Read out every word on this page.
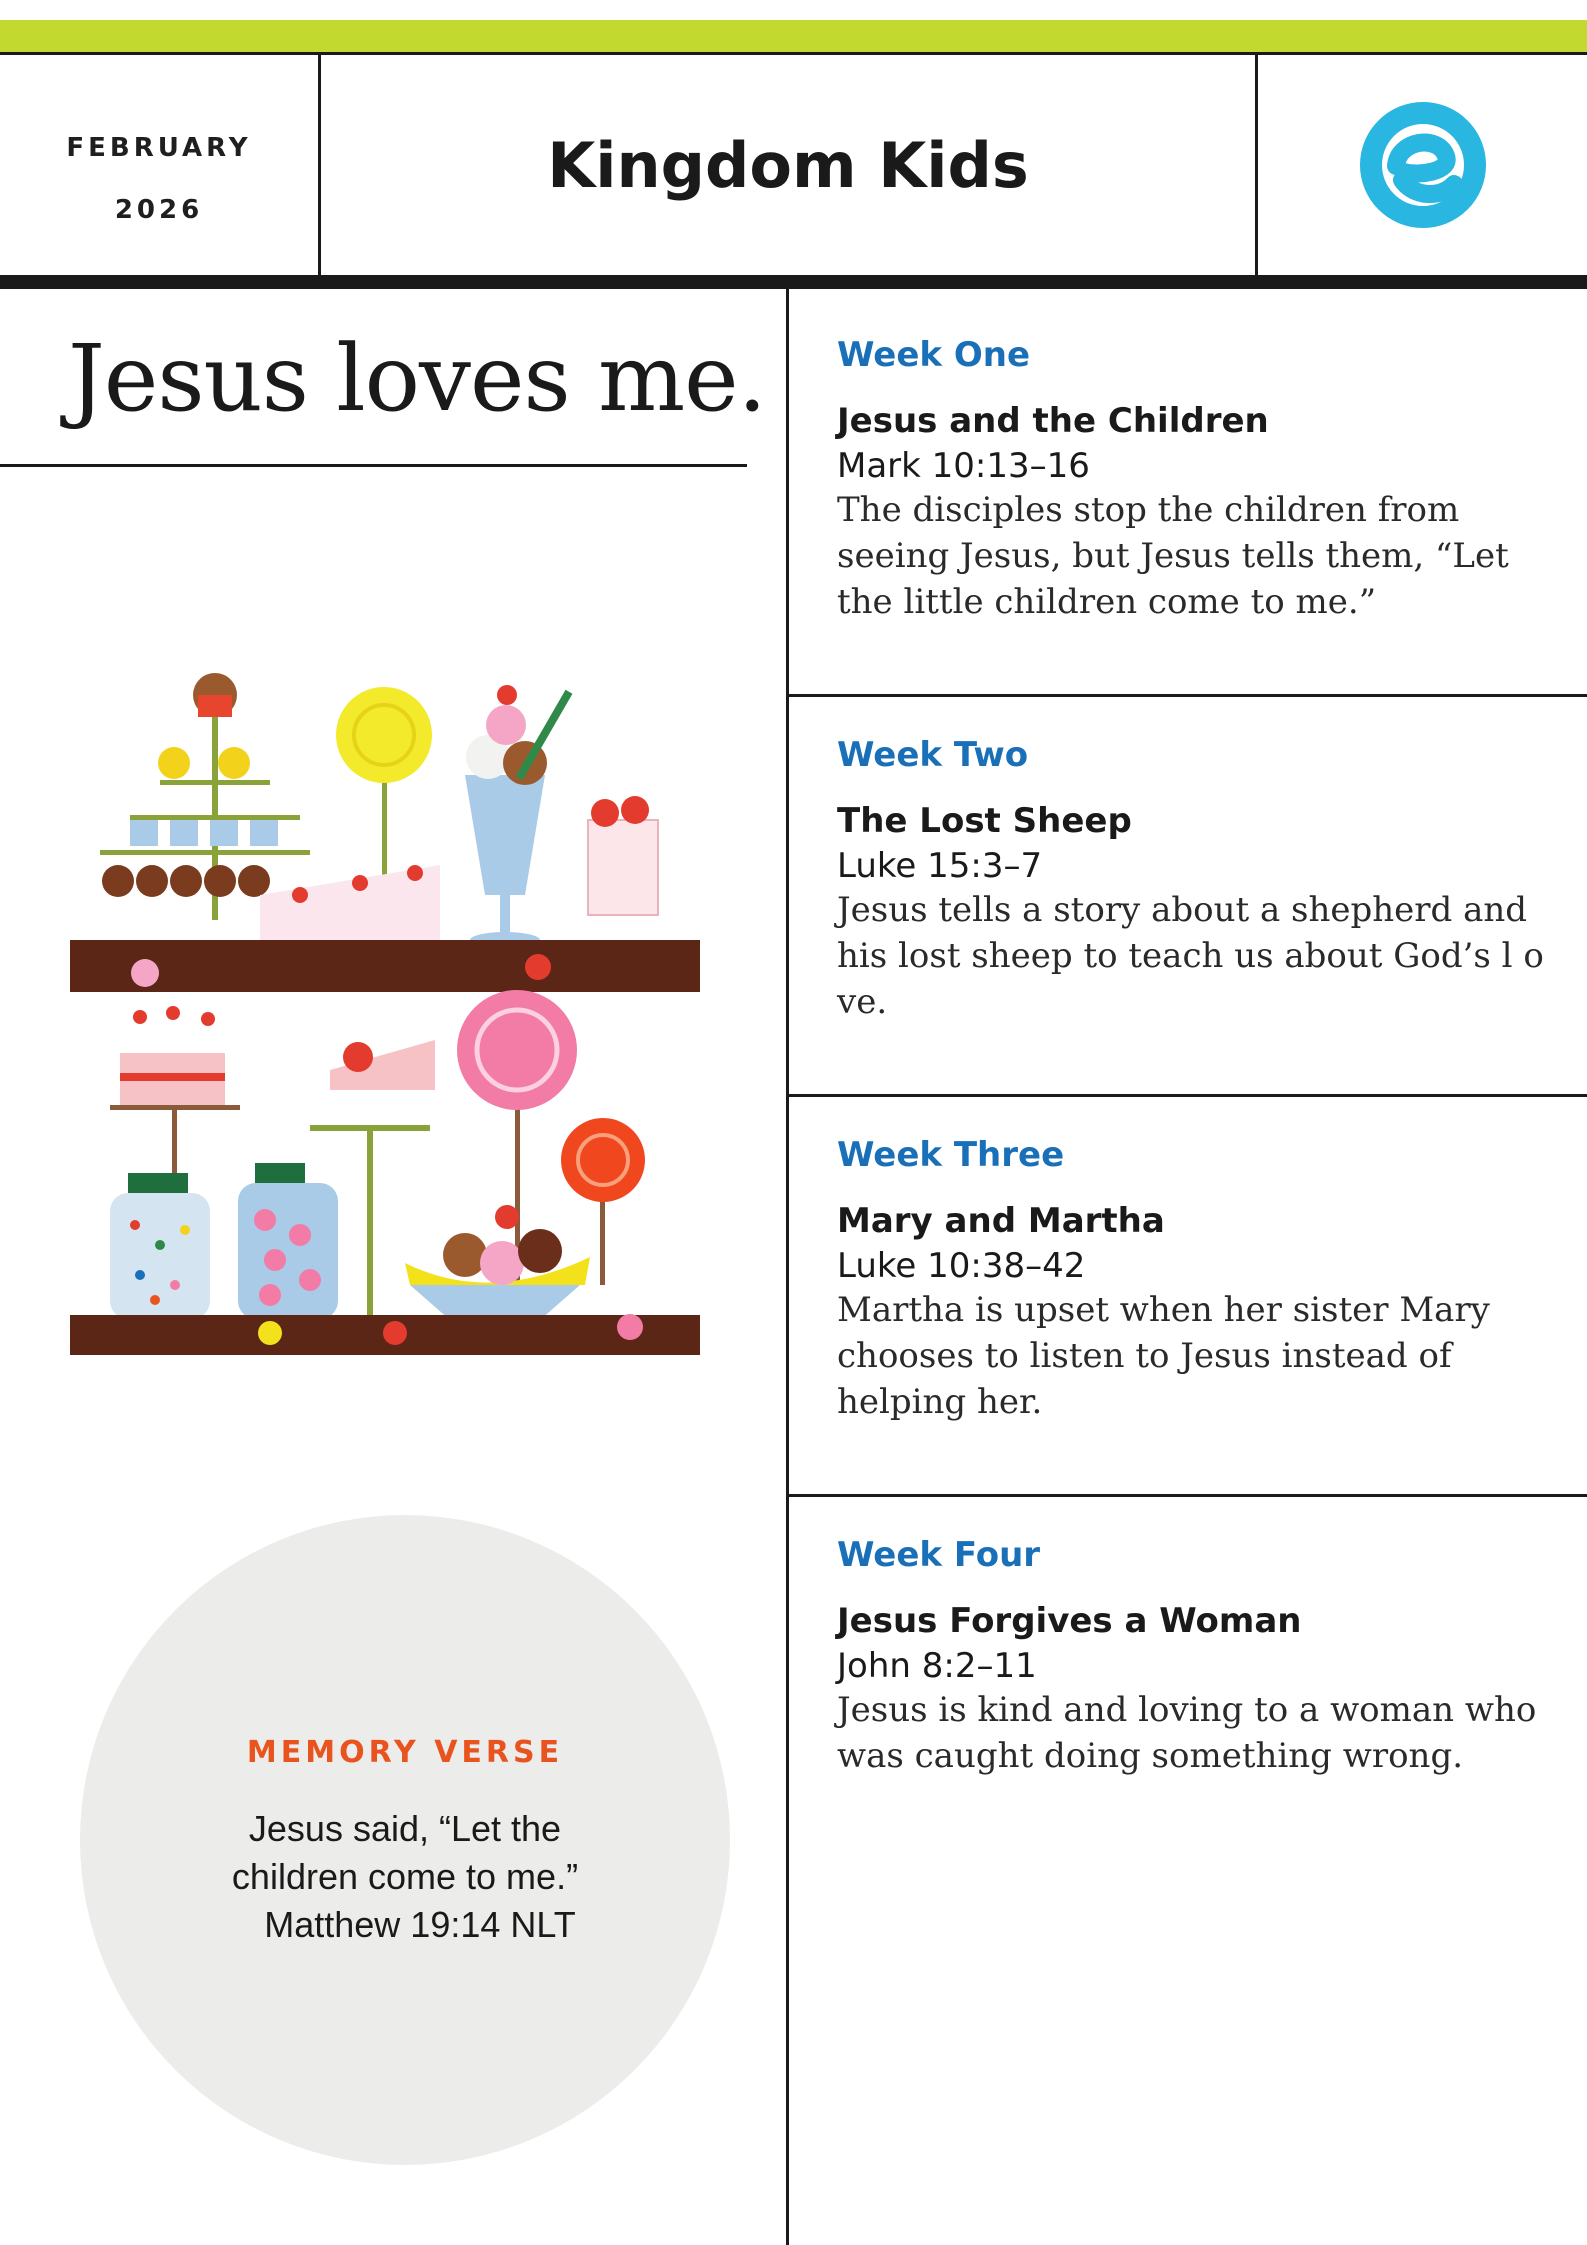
FEBRUARY
2026
Kingdom Kids
Jesus loves me.
MEMORY VERSE
Jesus said, “Let the
children come to me.”
Matthew 19:14 NLT
Week One
Jesus and the Children
Mark 10:13–16
The disciples stop the children from seeing Jesus, but Jesus tells them, “Let the little children come to me.”
Week Two
The Lost Sheep
Luke 15:3–7
Jesus tells a story about a shepherd and his lost sheep to teach us about God’s l o ve.
Week Three
Mary and Martha
Luke 10:38–42
Martha is upset when her sister Mary chooses to listen to Jesus instead of helping her.
Week Four
Jesus Forgives a Woman
John 8:2–11
Jesus is kind and loving to a woman who was caught doing something wrong.
